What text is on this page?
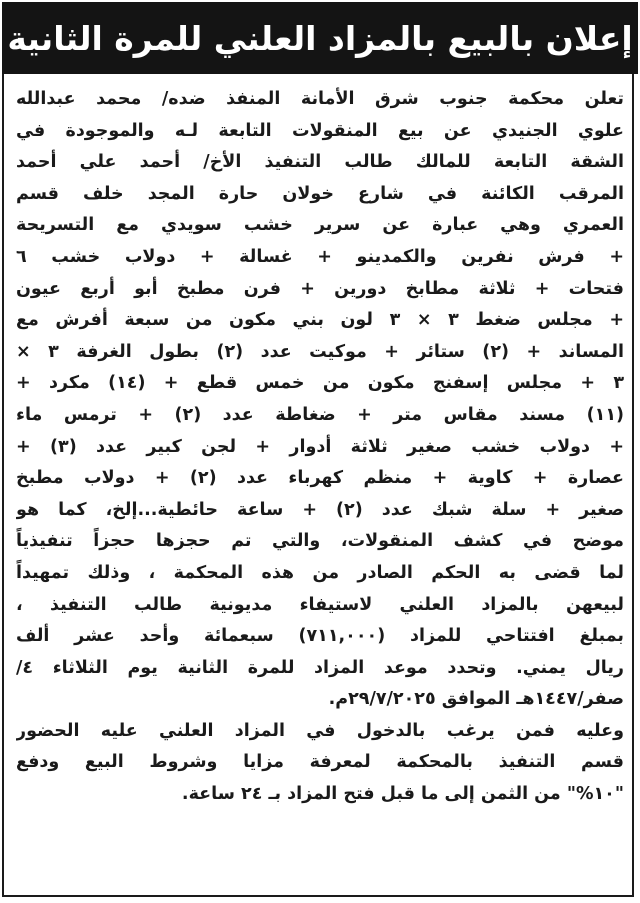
إعلان بالبيع بالمزاد العلني للمرة الثانية
تعلن محكمة جنوب شرق الأمانة المنفذ ضده/ محمد عبدالله
علوي الجنيدي عن بيع المنقولات التابعة لـه والموجودة في
الشقة التابعة للمالك طالب التنفيذ الأخ/ أحمد علي أحمد
المرقب الكائنة في شارع خولان حارة المجد خلف قسم
العمري وهي عبارة عن سرير خشب سويدي مع التسريحة
+ فرش نفرين والكمدينو + غسالة + دولاب خشب ٦
فتحات + ثلاثة مطابخ دورين + فرن مطبخ أبو أربع عيون
+ مجلس ضغط ٣ × ٣ لون بني مكون من سبعة أفرش مع
المساند + (٢) ستائر + موكيت عدد (٢) بطول الغرفة ٣ ×
٣ + مجلس إسفنج مكون من خمس قطع + (١٤) مكرد +
(١١) مسند مقاس متر + ضغاطة عدد (٢) + ترمس ماء
+ دولاب خشب صغير ثلاثة أدوار + لجن كبير عدد (٣) +
عصارة + كاوية + منظم كهرباء عدد (٢) + دولاب مطبخ
صغير + سلة شبك عدد (٢) + ساعة حائطية...إلخ، كما هو
موضح في كشف المنقولات، والتي تم حجزها حجزاً تنفيذياً
لما قضى به الحكم الصادر من هذه المحكمة ، وذلك تمهيداً
لبيعهن بالمزاد العلني لاستيفاء مديونية طالب التنفيذ ،
بمبلغ افتتاحي للمزاد (٧١١,٠٠٠) سبعمائة وأحد عشر ألف
ريال يمني. وتحدد موعد المزاد للمرة الثانية يوم الثلاثاء ٤/
صفر/١٤٤٧هـ الموافق ٢٩/٧/٢٠٢٥م.
وعليه فمن يرغب بالدخول في المزاد العلني عليه الحضور
قسم التنفيذ بالمحكمة لمعرفة مزايا وشروط البيع ودفع
"١٠%" من الثمن إلى ما قبل فتح المزاد بـ ٢٤ ساعة.
